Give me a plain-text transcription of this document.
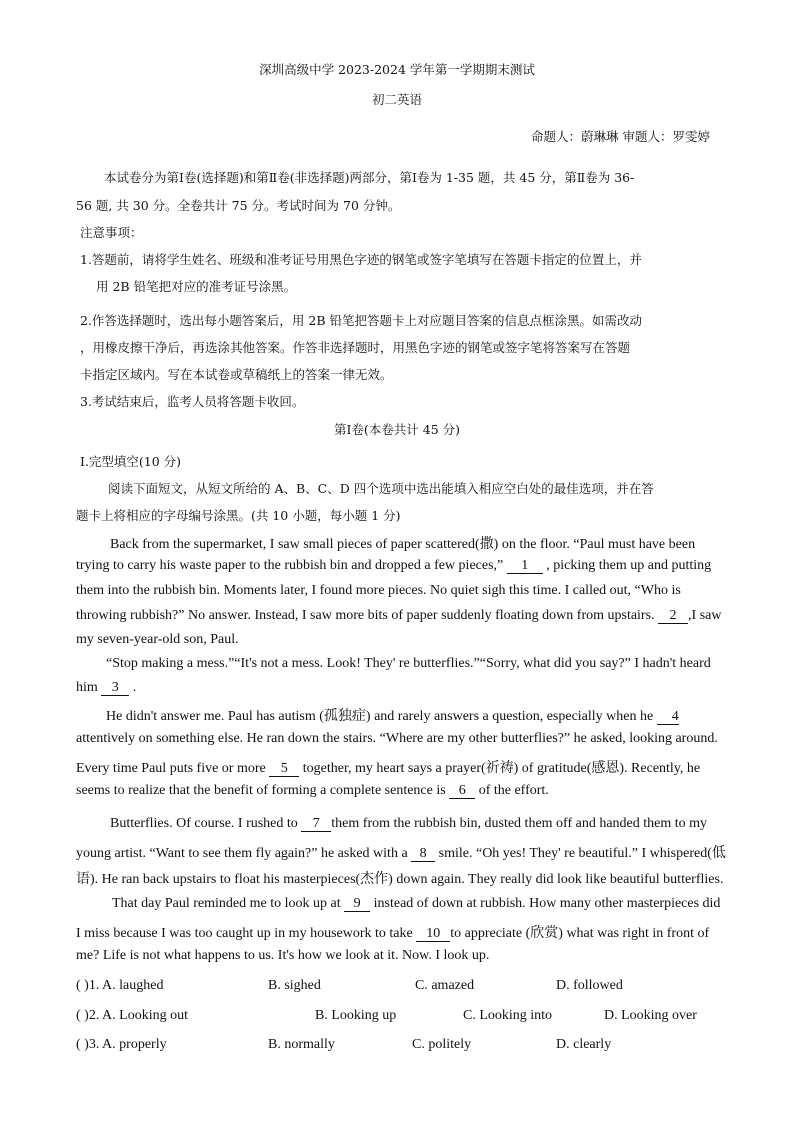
深圳高级中学 2023-2024 学年第一学期期末测试
初二英语
命题人：蔚琳琳 审题人：罗雯婷
本试卷分为第Ⅰ卷(选择题)和第Ⅱ卷(非选择题)两部分，第Ⅰ卷为 1-35 题，共 45 分，第Ⅱ卷为 36-
56 题, 共 30 分。全卷共计 75 分。考试时间为 70 分钟。
注意事项：
1.答题前，请将学生姓名、班级和准考证号用黑色字迹的钢笔或签字笔填写在答题卡指定的位置上，并
用 2B 铅笔把对应的准考证号涂黑。
2.作答选择题时，选出每小题答案后，用 2B 铅笔把答题卡上对应题目答案的信息点框涂黑。如需改动
，用橡皮擦干净后，再选涂其他答案。作答非选择题时，用黑色字迹的钢笔或签字笔将答案写在答题
卡指定区域内。写在本试卷或草稿纸上的答案一律无效。
3.考试结束后，监考人员将答题卡收回。
第Ⅰ卷(本卷共计 45 分)
Ⅰ.完型填空(10 分)
阅读下面短文，从短文所给的 A、B、C、D 四个选项中选出能填入相应空白处的最佳选项，并在答
题卡上将相应的字母编号涂黑。(共 10 小题，每小题 1 分)
Back from the supermarket, I saw small pieces of paper scattered(撒) on the floor. “Paul must have been
trying to carry his waste paper to the rubbish bin and dropped a few pieces,” 1 , picking them up and putting
them into the rubbish bin. Moments later, I found more pieces. No quiet sigh this time. I called out, “Who is
throwing rubbish?” No answer. Instead, I saw more bits of paper suddenly floating down from upstairs. 2 ,I saw
my seven-year-old son, Paul.
“Stop making a mess.”“It's not a mess. Look! They' re butterflies.”“Sorry, what did you say?” I hadn't heard
him 3 .
He didn't answer me. Paul has autism (孤独症) and rarely answers a question, especially when he 4
attentively on something else. He ran down the stairs. “Where are my other butterflies?” he asked, looking around.
Every time Paul puts five or more 5 together, my heart says a prayer(祈祷) of gratitude(感恩). Recently, he
seems to realize that the benefit of forming a complete sentence is 6 of the effort.
Butterflies. Of course. I rushed to 7 them from the rubbish bin, dusted them off and handed them to my
young artist. “Want to see them fly again?” he asked with a 8 smile. “Oh yes! They' re beautiful.” I whispered(低
语). He ran back upstairs to float his masterpieces(杰作) down again. They really did look like beautiful butterflies.
That day Paul reminded me to look up at 9 instead of down at rubbish. How many other masterpieces did
I miss because I was too caught up in my housework to take 10 to appreciate (欣赏) what was right in front of
me? Life is not what happens to us. It's how we look at it. Now. I look up.
( )1. A. laughed	B. sighed	C. amazed	D. followed
( )2. A. Looking out	B. Looking up	C. Looking into	D. Looking over
( )3. A. properly	B. normally	C. politely	D. clearly
